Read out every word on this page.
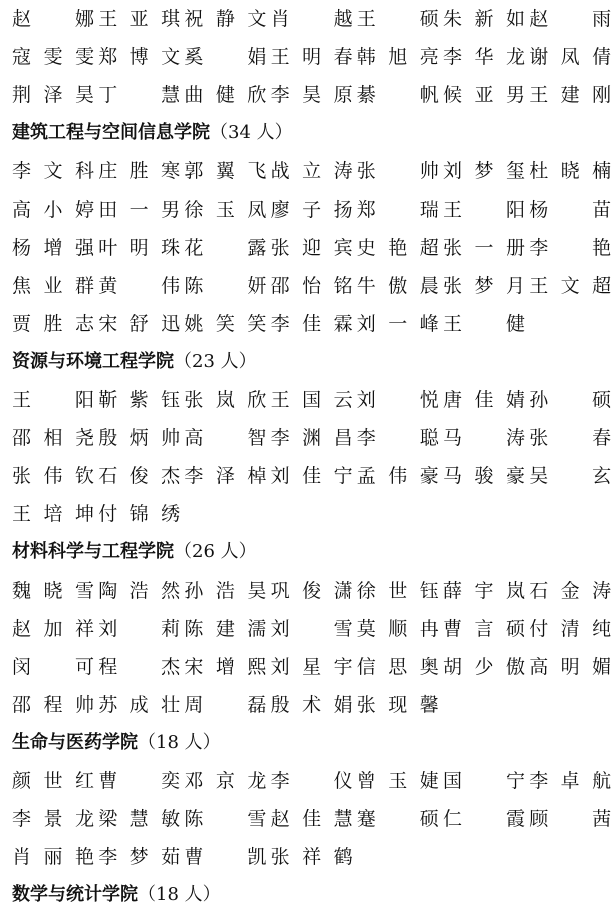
赵　娜 王亚琪 祝静文 肖　越 王　硕 朱新如 赵　雨
寇雯雯 郑博文 奚　娟 王明春 韩旭亮 李华龙 谢凤倩
荆泽昊 丁　慧 曲健欣 李昊原 綦　帆 候亚男 王建刚
建筑工程与空间信息学院（34 人）
李文科 庄胜寒 郭翼飞 战立涛 张　帅 刘梦玺 杜晓楠
高小婷 田一男 徐玉凤 廖子扬 郑　瑞 王　阳 杨　苗
杨增强 叶明珠 花　露 张迎宾 史艳超 张一册 李　艳
焦业群 黄　伟 陈　妍 邵怡铭 牛傲晨 张梦月 王文超
贾胜志 宋舒迅 姚笑笑 李佳霖 刘一峰 王　健
资源与环境工程学院（23 人）
王　阳 靳紫钰 张岚欣 王国云 刘　悦 唐佳婧 孙　硕
邵相尧 殷炳帅 高　智 李渊昌 李　聪 马　涛 张　春
张伟钦 石俊杰 李泽棹 刘佳宁 孟伟豪 马骏豪 吴　玄
王培坤 付锦绣
材料科学与工程学院（26 人）
魏晓雪 陶浩然 孙浩昊 巩俊潇 徐世钰 薛宇岚 石金涛
赵加祥 刘　莉 陈建濡 刘　雪 莫顺冉 曹言硕 付清纯
闵　可 程　杰 宋增熙 刘星宇 信思奥 胡少傲 高明媚
邵程帅 苏成壮 周　磊 殷术娟 张现馨
生命与医药学院（18 人）
颜世红 曹　奕 邓京龙 李　仪 曾玉婕 国　宁 李卓航
李景龙 梁慧敏 陈　雪 赵佳慧 蹇　硕 仁　霞 顾　茜
肖丽艳 李梦茹 曹　凯 张祥鹤
数学与统计学院（18 人）
